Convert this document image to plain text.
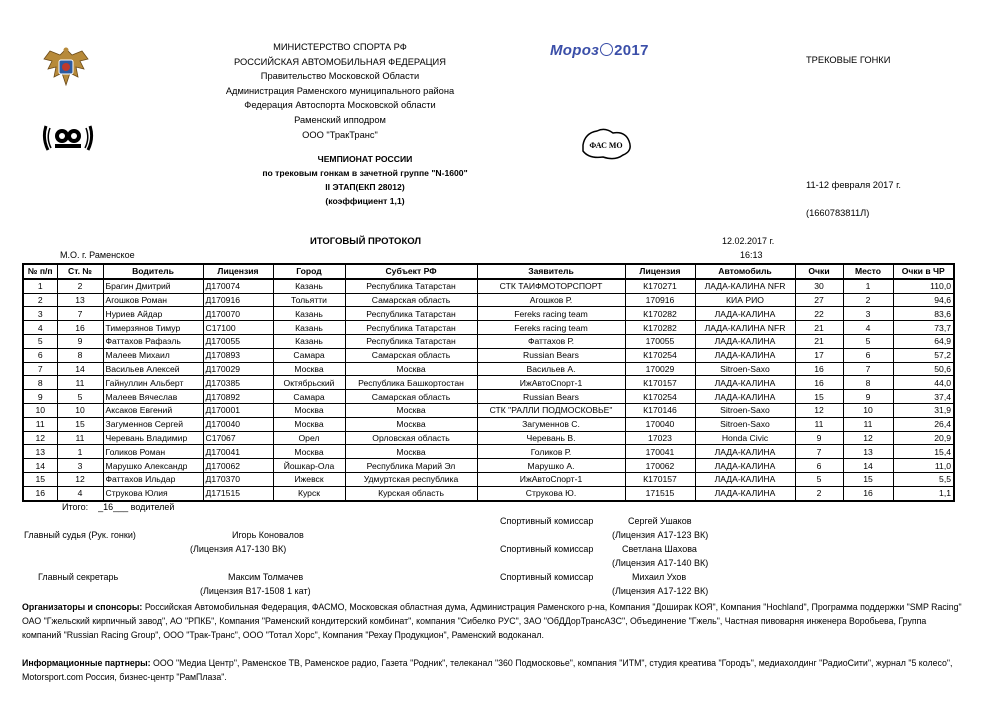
ФАС МО
Мороз 2017
МИНИСТЕРСТВО СПОРТА РФ
РОССИЙСКАЯ АВТОМОБИЛЬНАЯ ФЕДЕРАЦИЯ
Правительство Московской Области
Администрация Раменского муниципального района
Федерация Автоспорта Московской области
Раменский ипподром
ООО "ТракТранс"
ЧЕМПИОНАТ РОССИИ
по трековым гонкам в зачетной группе "N-1600"
II ЭТАП(ЕКП 28012)
(коэффициент 1,1)
ТРЕКОВЫЕ ГОНКИ
11-12 февраля 2017 г.
(1660783811Л)
ИТОГОВЫЙ ПРОТОКОЛ
М.О. г. Раменское
12.02.2017 г.
16:13
№ п/п	Ст. №	Водитель	Лицензия	Город	Субъект РФ	Заявитель	Лицензия	Автомобиль	Очки	Место	Очки в ЧР
1	2	Брагин Дмитрий	Д170074	Казань	Республика Татарстан	СТК ТАИФМОТОРСПОРТ	К170271	ЛАДА-КАЛИНА NFR	30	1	110,0
2	13	Агошков Роман	Д170916	Тольятти	Самарская область	Агошков Р.	170916	КИА РИО	27	2	94,6
3	7	Нуриев Айдар	Д170070	Казань	Республика Татарстан	Fereks racing team	К170282	ЛАДА-КАЛИНА	22	3	83,6
4	16	Тимерзянов Тимур	С17100	Казань	Республика Татарстан	Fereks racing team	К170282	ЛАДА-КАЛИНА NFR	21	4	73,7
5	9	Фаттахов Рафаэль	Д170055	Казань	Республика Татарстан	Фаттахов Р.	170055	ЛАДА-КАЛИНА	21	5	64,9
6	8	Малеев Михаил	Д170893	Самара	Самарская область	Russian Bears	К170254	ЛАДА-КАЛИНА	17	6	57,2
7	14	Васильев Алексей	Д170029	Москва	Москва	Васильев А.	170029	Sitroen-Saxo	16	7	50,6
8	11	Гайнуллин Альберт	Д170385	Октябрьский	Республика Башкортостан	ИжАвтоСпорт-1	К170157	ЛАДА-КАЛИНА	16	8	44,0
9	5	Малеев Вячеслав	Д170892	Самара	Самарская область	Russian Bears	К170254	ЛАДА-КАЛИНА	15	9	37,4
10	10	Аксаков Евгений	Д170001	Москва	Москва	СТК "РАЛЛИ ПОДМОСКОВЬЕ"	К170146	Sitroen-Saxo	12	10	31,9
11	15	Загуменнов Сергей	Д170040	Москва	Москва	Загуменнов С.	170040	Sitroen-Saxo	11	11	26,4
12	11	Черевань Владимир	С17067	Орел	Орловская область	Черевань В.	17023	Honda Civic	9	12	20,9
13	1	Голиков Роман	Д170041	Москва	Москва	Голиков Р.	170041	ЛАДА-КАЛИНА	7	13	15,4
14	3	Марушко Александр	Д170062	Йошкар-Ола	Республика Марий Эл	Марушко А.	170062	ЛАДА-КАЛИНА	6	14	11,0
15	12	Фаттахов Ильдар	Д170370	Ижевск	Удмуртская республика	ИжАвтоСпорт-1	К170157	ЛАДА-КАЛИНА	5	15	5,5
16	4	Струкова Юлия	Д171515	Курск	Курская область	Струкова Ю.	171515	ЛАДА-КАЛИНА	2	16	1,1
Итого: _16___ водителей
Главный судья (Рук. гонки)	Игорь Коновалов
(Лицензия А17-130 ВК)
Главный секретарь	Максим Толмачев
(Лицензия В17-1508 1 кат)
Спортивный комиссар	Сергей Ушаков
(Лицензия А17-123 ВК)
Спортивный комиссар	Светлана Шахова
(Лицензия А17-140 ВК)
Спортивный комиссар	Михаил Ухов
(Лицензия А17-122 ВК)
Организаторы и спонсоры: Российская Автомобильная Федерация, ФАСМО, Московская областная дума, Администрация Раменского р-на, Компания "Доширак КОЯ", Компания "Hochland", Программа поддержки "SMP Racing" ОАО "Гжельский кирпичный завод", АО "РПКБ", Компания "Раменский кондитерский комбинат", компания "Сибелко РУС", ЗАО "ОбДДорТрансАЗС", Объединение "Гжель", Частная пивоварня инженера Воробьева, Группа компаний "Russian Racing Group", ООО "Трак-Транс", ООО "Тотал Хорс", Компания "Рехау Продукцион", Раменский водоканал.
Информационные партнеры: ООО "Медиа Центр", Раменское ТВ, Раменское радио, Газета "Родник", телеканал "360 Подмосковье", компания "ИТМ", студия креатива "Городъ", медиахолдинг "РадиоСити", журнал "5 колесо", Motorsport.com Россия, бизнес-центр "РамПлаза".
